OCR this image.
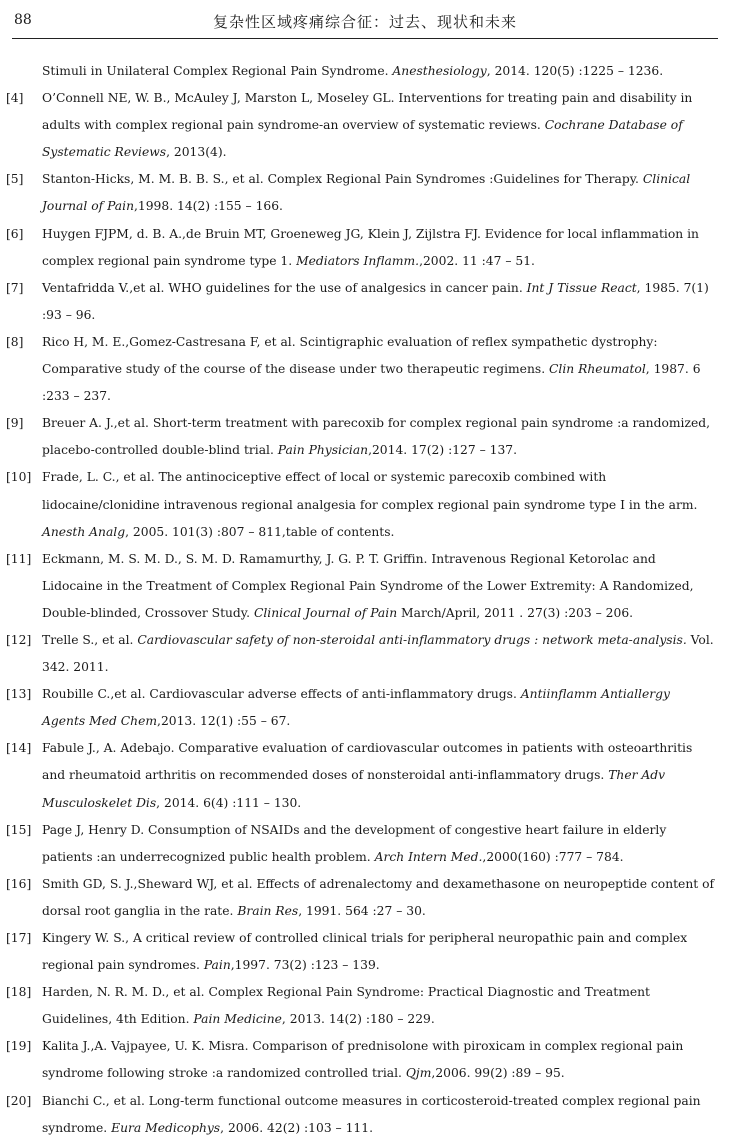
88	复杂性区域疼痛综合征：过去、现状和未来
Stimuli in Unilateral Complex Regional Pain Syndrome. Anesthesiology, 2014. 120(5) :1225 – 1236.
[4] O’Connell NE, W. B., McAuley J, Marston L, Moseley GL. Interventions for treating pain and disability in adults with complex regional pain syndrome-an overview of systematic reviews. Cochrane Database of Systematic Reviews, 2013(4).
[5] Stanton-Hicks, M. M. B. B. S., et al. Complex Regional Pain Syndromes :Guidelines for Therapy. Clinical Journal of Pain,1998. 14(2) :155 – 166.
[6] Huygen FJPM, d. B. A.,de Bruin MT, Groeneweg JG, Klein J, Zijlstra FJ. Evidence for local inflammation in complex regional pain syndrome type 1. Mediators Inflamm.,2002. 11 :47 – 51.
[7] Ventafridda V.,et al. WHO guidelines for the use of analgesics in cancer pain. Int J Tissue React, 1985. 7(1) :93 – 96.
[8] Rico H, M. E.,Gomez-Castresana F, et al. Scintigraphic evaluation of reflex sympathetic dystrophy: Comparative study of the course of the disease under two therapeutic regimens. Clin Rheumatol, 1987. 6 :233 – 237.
[9] Breuer A. J.,et al. Short-term treatment with parecoxib for complex regional pain syndrome :a randomized, placebo-controlled double-blind trial. Pain Physician,2014. 17(2) :127 – 137.
[10] Frade, L. C., et al. The antinociceptive effect of local or systemic parecoxib combined with lidocaine/clonidine intravenous regional analgesia for complex regional pain syndrome type I in the arm. Anesth Analg, 2005. 101(3) :807 – 811,table of contents.
[11] Eckmann, M. S. M. D., S. M. D. Ramamurthy, J. G. P. T. Griffin. Intravenous Regional Ketorolac and Lidocaine in the Treatment of Complex Regional Pain Syndrome of the Lower Extremity: A Randomized, Double-blinded, Crossover Study. Clinical Journal of Pain March/April, 2011 . 27(3) :203 – 206.
[12] Trelle S., et al. Cardiovascular safety of non-steroidal anti-inflammatory drugs : network meta-analysis. Vol. 342. 2011.
[13] Roubille C.,et al. Cardiovascular adverse effects of anti-inflammatory drugs. Antiinflamm Antiallergy Agents Med Chem,2013. 12(1) :55 – 67.
[14] Fabule J., A. Adebajo. Comparative evaluation of cardiovascular outcomes in patients with osteoarthritis and rheumatoid arthritis on recommended doses of nonsteroidal anti-inflammatory drugs. Ther Adv Musculoskelet Dis, 2014. 6(4) :111 – 130.
[15] Page J, Henry D. Consumption of NSAIDs and the development of congestive heart failure in elderly patients :an underrecognized public health problem. Arch Intern Med.,2000(160) :777 – 784.
[16] Smith GD, S. J.,Sheward WJ, et al. Effects of adrenalectomy and dexamethasone on neuropeptide content of dorsal root ganglia in the rate. Brain Res, 1991. 564 :27 – 30.
[17] Kingery W. S., A critical review of controlled clinical trials for peripheral neuropathic pain and complex regional pain syndromes. Pain,1997. 73(2) :123 – 139.
[18] Harden, N. R. M. D., et al. Complex Regional Pain Syndrome: Practical Diagnostic and Treatment Guidelines, 4th Edition. Pain Medicine, 2013. 14(2) :180 – 229.
[19] Kalita J.,A. Vajpayee, U. K. Misra. Comparison of prednisolone with piroxicam in complex regional pain syndrome following stroke :a randomized controlled trial. Qjm,2006. 99(2) :89 – 95.
[20] Bianchi C., et al. Long-term functional outcome measures in corticosteroid-treated complex regional pain syndrome. Eura Medicophys, 2006. 42(2) :103 – 111.
